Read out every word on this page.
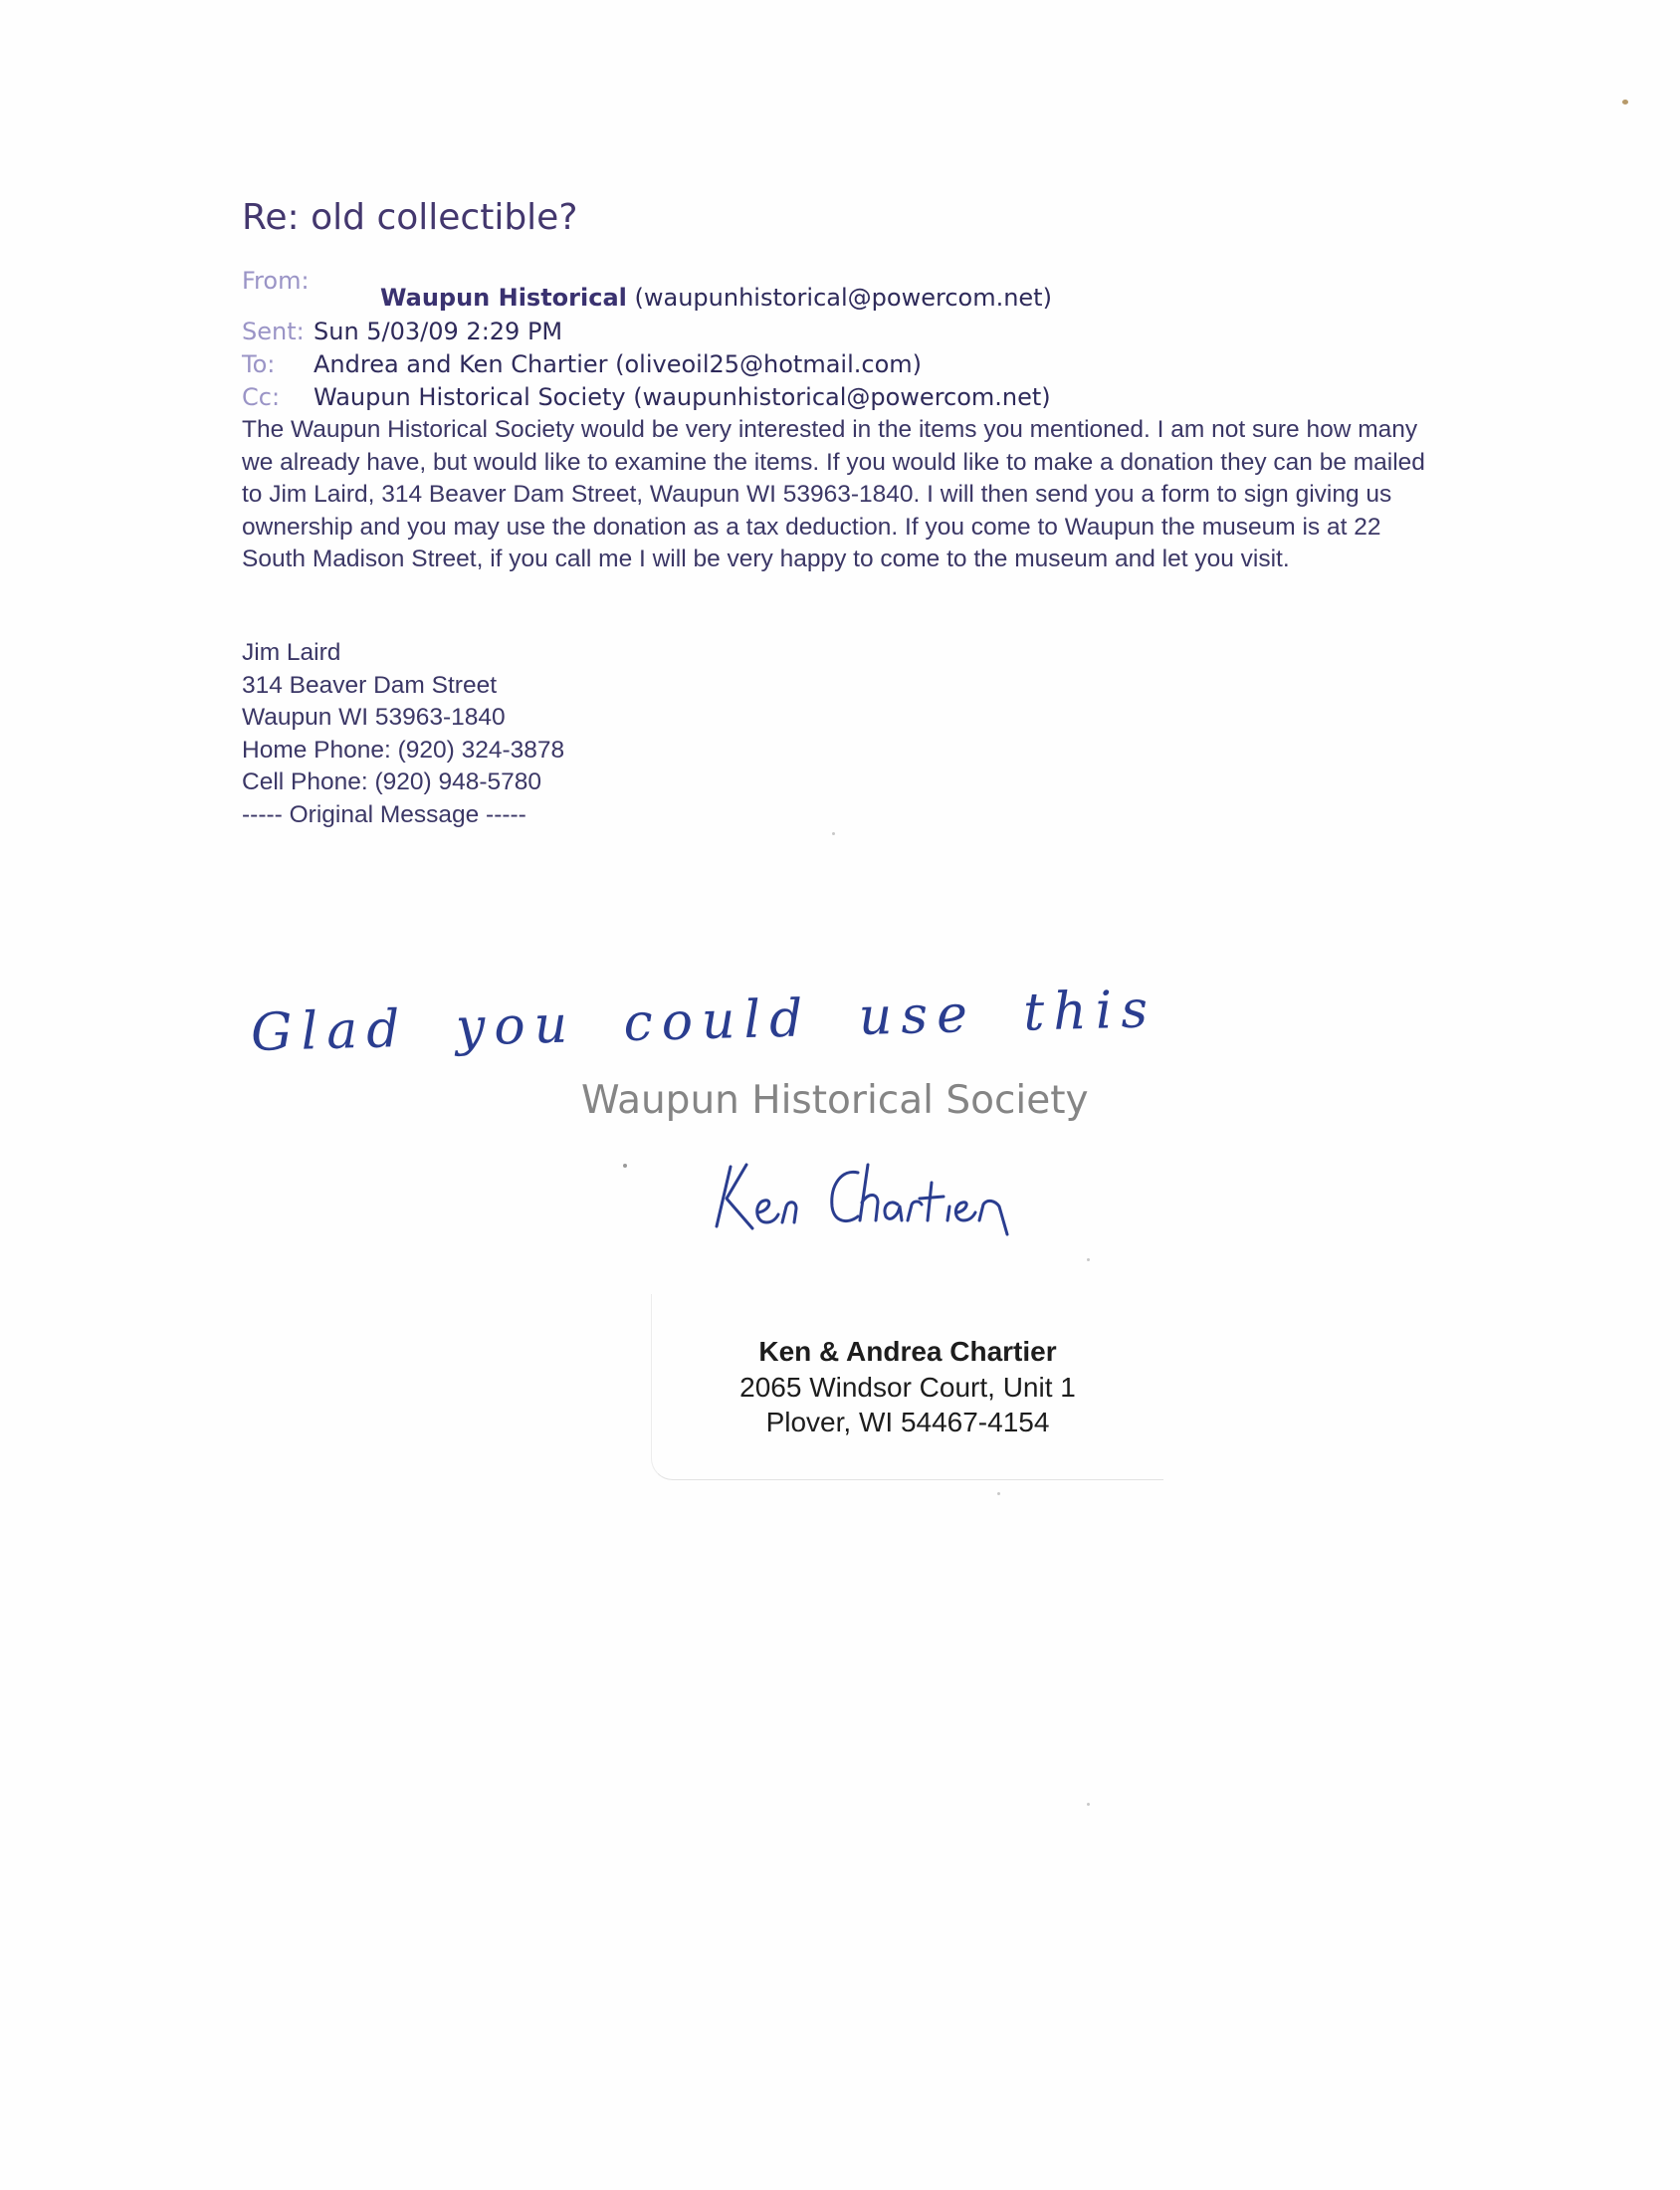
Re: old collectible?
From:
Waupun Historical (waupunhistorical@powercom.net)
Sent: Sun 5/03/09 2:29 PM
To: Andrea and Ken Chartier (oliveoil25@hotmail.com)
Cc: Waupun Historical Society (waupunhistorical@powercom.net)
The Waupun Historical Society would be very interested in the items you mentioned. I am not sure how many we already have, but would like to examine the items. If you would like to make a donation they can be mailed to Jim Laird, 314 Beaver Dam Street, Waupun WI 53963-1840. I will then send you a form to sign giving us ownership and you may use the donation as a tax deduction. If you come to Waupun the museum is at 22 South Madison Street, if you call me I will be very happy to come to the museum and let you visit.
Jim Laird
314 Beaver Dam Street
Waupun WI 53963-1840
Home Phone: (920) 324-3878
Cell Phone: (920) 948-5780
----- Original Message -----
Glad you could use this
Waupun Historical Society
Ken & Andrea Chartier
2065 Windsor Court, Unit 1
Plover, WI 54467-4154
